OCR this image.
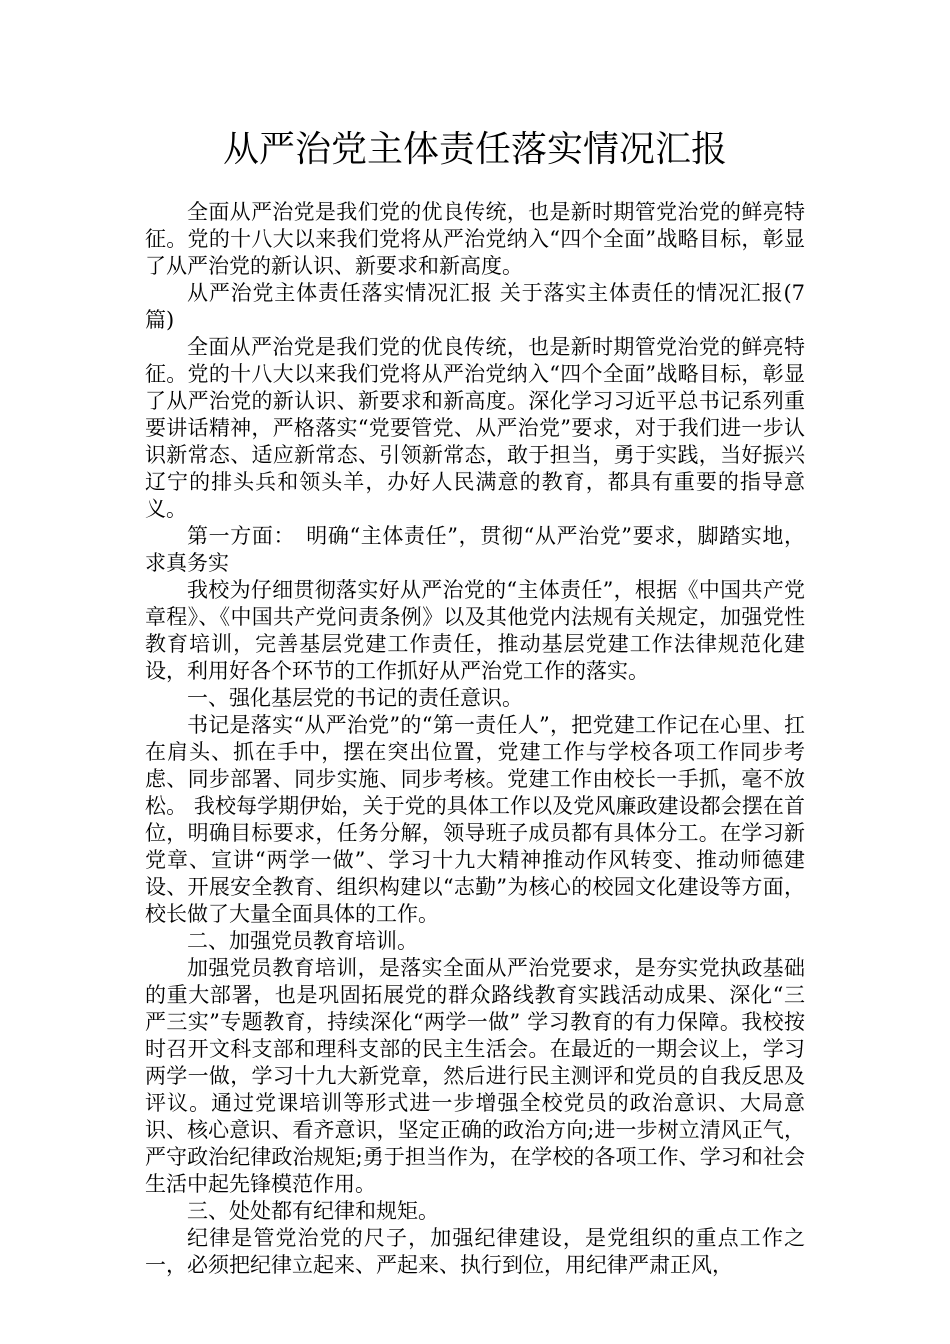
从严治党主体责任落实情况汇报

全面从严治党是我们党的优良传统，也是新时期管党治党的鲜亮特征。党的十八大以来我们党将从严治党纳入“四个全面”战略目标，彰显了从严治党的新认识、新要求和新高度。

从严治党主体责任落实情况汇报 关于落实主体责任的情况汇报(7篇)

全面从严治党是我们党的优良传统，也是新时期管党治党的鲜亮特征。党的十八大以来我们党将从严治党纳入“四个全面”战略目标，彰显了从严治党的新认识、新要求和新高度。深化学习习近平总书记系列重要讲话精神，严格落实“党要管党、从严治党”要求，对于我们进一步认识新常态、适应新常态、引领新常态，敢于担当，勇于实践，当好振兴辽宁的排头兵和领头羊，办好人民满意的教育，都具有重要的指导意义。

第一方面：　明确“主体责任”，贯彻“从严治党”要求，脚踏实地，求真务实

我校为仔细贯彻落实好从严治党的“主体责任”，根据《中国共产党章程》、《中国共产党问责条例》以及其他党内法规有关规定，加强党性教育培训，完善基层党建工作责任，推动基层党建工作法律规范化建设，利用好各个环节的工作抓好从严治党工作的落实。

一、强化基层党的书记的责任意识。

书记是落实“从严治党”的“第一责任人”，把党建工作记在心里、扛在肩头、抓在手中，摆在突出位置，党建工作与学校各项工作同步考虑、同步部署、同步实施、同步考核。党建工作由校长一手抓，毫不放松。 我校每学期伊始，关于党的具体工作以及党风廉政建设都会摆在首位，明确目标要求，任务分解，领导班子成员都有具体分工。在学习新党章、宣讲“两学一做”、学习十九大精神推动作风转变、推动师德建设、开展安全教育、组织构建以“志勤”为核心的校园文化建设等方面，校长做了大量全面具体的工作。

二、加强党员教育培训。

加强党员教育培训，是落实全面从严治党要求，是夯实党执政基础的重大部署，也是巩固拓展党的群众路线教育实践活动成果、深化“三严三实”专题教育，持续深化“两学一做” 学习教育的有力保障。我校按时召开文科支部和理科支部的民主生活会。在最近的一期会议上，学习两学一做，学习十九大新党章，然后进行民主测评和党员的自我反思及评议。通过党课培训等形式进一步增强全校党员的政治意识、大局意识、核心意识、看齐意识，坚定正确的政治方向;进一步树立清风正气，严守政治纪律政治规矩;勇于担当作为，在学校的各项工作、学习和社会生活中起先锋模范作用。

三、处处都有纪律和规矩。

纪律是管党治党的尺子，加强纪律建设，是党组织的重点工作之一，必须把纪律立起来、严起来、执行到位，用纪律严肃正风，
